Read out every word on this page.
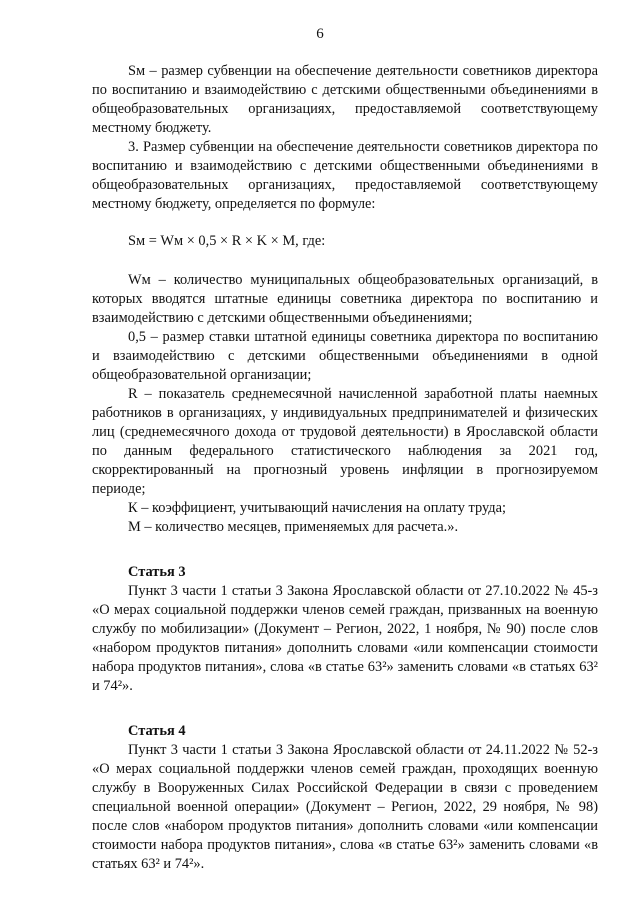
6

Sм – размер субвенции на обеспечение деятельности советников директора по воспитанию и взаимодействию с детскими общественными объединениями в общеобразовательных организациях, предоставляемой соответствующему местному бюджету.

3. Размер субвенции на обеспечение деятельности советников директора по воспитанию и взаимодействию с детскими общественными объединениями в общеобразовательных организациях, предоставляемой соответствующему местному бюджету, определяется по формуле:

Sм = Wм × 0,5 × R × K × M, где:

Wм – количество муниципальных общеобразовательных организаций, в которых вводятся штатные единицы советника директора по воспитанию и взаимодействию с детскими общественными объединениями;

0,5 – размер ставки штатной единицы советника директора по воспитанию и взаимодействию с детскими общественными объединениями в одной общеобразовательной организации;

R – показатель среднемесячной начисленной заработной платы наемных работников в организациях, у индивидуальных предпринимателей и физических лиц (среднемесячного дохода от трудовой деятельности) в Ярославской области по данным федерального статистического наблюдения за 2021 год, скорректированный на прогнозный уровень инфляции в прогнозируемом периоде;

К – коэффициент, учитывающий начисления на оплату труда;

М – количество месяцев, применяемых для расчета.».

Статья 3

Пункт 3 части 1 статьи 3 Закона Ярославской области от 27.10.2022 № 45-з «О мерах социальной поддержки членов семей граждан, призванных на военную службу по мобилизации» (Документ – Регион, 2022, 1 ноября, № 90) после слов «набором продуктов питания» дополнить словами «или компенсации стоимости набора продуктов питания», слова «в статье 63²» заменить словами «в статьях 63² и 74²».

Статья 4

Пункт 3 части 1 статьи 3 Закона Ярославской области от 24.11.2022 № 52-з «О мерах социальной поддержки членов семей граждан, проходящих военную службу в Вооруженных Силах Российской Федерации в связи с проведением специальной военной операции» (Документ – Регион, 2022, 29 ноября, № 98) после слов «набором продуктов питания» дополнить словами «или компенсации стоимости набора продуктов питания», слова «в статье 63²» заменить словами «в статьях 63² и 74²».
